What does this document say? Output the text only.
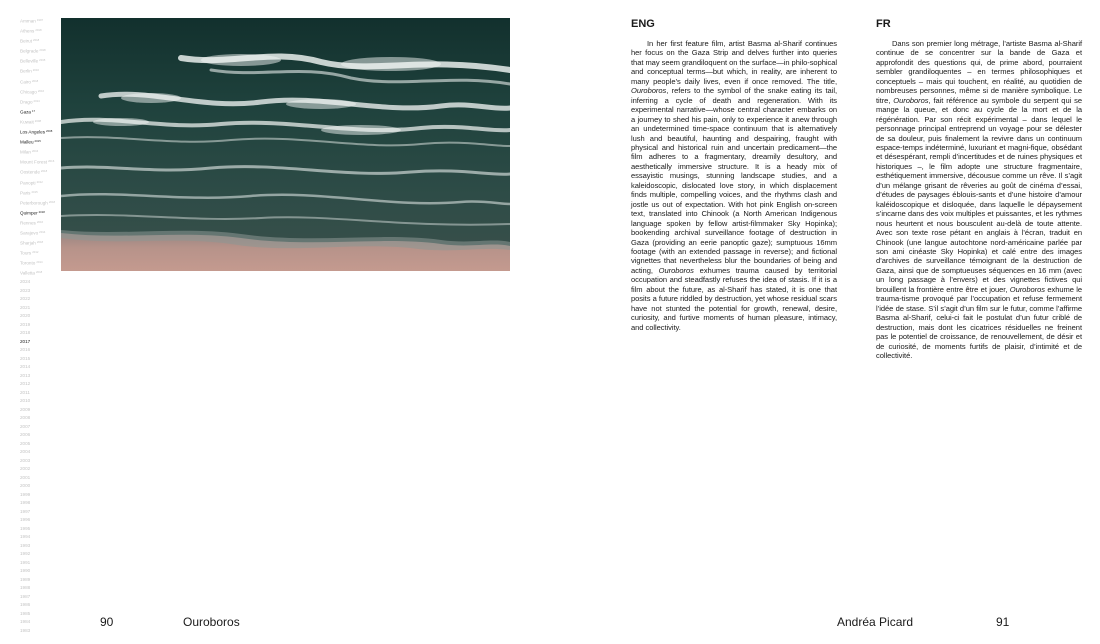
Amman$^{1997}$
Athens$^{2018}$
Beirut$^{2018}$
Belgrade$^{2018}$
Belleville$^{2015}$
Berlin$^{2016}$
Cairo$^{2018}$
Chicago$^{2016}$
Drago$^{2014}$
Gaza$^{17}$
Kuwait$^{2008}$
Los Angeles$^{2008}$
Malleu$^{2015}$
Milan$^{2016}$
Mount Forest$^{2016}$
Oostende$^{2018}$
Panopti$^{2012}$
Paris$^{2015}$
Peterborough$^{2018}$
Quimper$^{2018}$
Rennes$^{2016}$
Sarajevo$^{2014}$
Sharjah$^{2018}$
Tours$^{2012}$
Toronto$^{2014}$
Valletta$^{2018}$
2024
2023
2022
2021
2020
2019
2018
2017
2016
2015
2014
2013
2012
2011
2010
2009
2008
2007
2006
2005
2004
2003
2002
2001
2000
1999
1998
1997
1996
1995
1994
1993
1992
1991
1990
1989
1988
1987
1986
1985
1984
1983
ENG

In her first feature film, artist Basma al-Sharif continues her focus on the Gaza Strip and delves further into queries that may seem grandiloquent on the surface—in philo-sophical and conceptual terms—but which, in reality, are inherent to many people’s daily lives, even if once removed. The title, Ouroboros, refers to the symbol of the snake eating its tail, inferring a cycle of death and regeneration. With its experimental narrative—whose central character embarks on a journey to shed his pain, only to experience it anew through an undetermined time-space continuum that is alternatively lush and beautiful, haunting and despairing, fraught with physical and historical ruin and uncertain predicament—the film adheres to a fragmentary, dreamily desultory, and aesthetically immersive structure. It is a heady mix of essayistic musings, stunning landscape studies, and a kaleidoscopic, dislocated love story, in which displacement finds multiple, compelling voices, and the rhythms clash and jostle us out of expectation. With hot pink English on-screen text, translated into Chinook (a North American Indigenous language spoken by fellow artist-filmmaker Sky Hopinka); bookending archival surveillance footage of destruction in Gaza (providing an eerie panoptic gaze); sumptuous 16mm footage (with an extended passage in reverse); and fictional vignettes that nevertheless blur the boundaries of being and acting, Ouroboros exhumes trauma caused by territorial occupation and steadfastly refuses the idea of stasis. If it is a film about the future, as al-Sharif has stated, it is one that posits a future riddled by destruction, yet whose residual scars have not stunted the potential for growth, renewal, desire, curiosity, and furtive moments of human pleasure, intimacy, and collectivity.

FR

Dans son premier long métrage, l’artiste Basma al-Sharif continue de se concentrer sur la bande de Gaza et approfondit des questions qui, de prime abord, pourraient sembler grandiloquentes – en termes philosophiques et conceptuels – mais qui touchent, en réalité, au quotidien de nombreuses personnes, même si de manière symbolique. Le titre, Ouroboros, fait référence au symbole du serpent qui se mange la queue, et donc au cycle de la mort et de la régénération. Par son récit expérimental – dans lequel le personnage principal entreprend un voyage pour se délester de sa douleur, puis finalement la revivre dans un continuum espace-temps indéterminé, luxuriant et magni-fique, obsédant et désespérant, rempli d’incertitudes et de ruines physiques et historiques –, le film adopte une structure fragmentaire, esthétiquement immersive, décousue comme un rêve. Il s’agit d’un mélange grisant de rêveries au goût de cinéma d’essai, d’études de paysages éblouis-sants et d’une histoire d’amour kaléidoscopique et disloquée, dans laquelle le dépaysement s’incarne dans des voix multiples et puissantes, et les rythmes nous heurtent et nous bousculent au-delà de toute attente. Avec son texte rose pétant en anglais à l’écran, traduit en Chinook (une langue autochtone nord-américaine parlée par son ami cinéaste Sky Hopinka) et calé entre des images d’archives de surveillance témoignant de la destruction de Gaza, ainsi que de somptueuses séquences en 16 mm (avec un long passage à l’envers) et des vignettes fictives qui brouillent la frontière entre être et jouer, Ouroboros exhume le trauma-tisme provoqué par l’occupation et refuse fermement l’idée de stase. S’il s’agit d’un film sur le futur, comme l’affirme Basma al-Sharif, celui-ci fait le postulat d’un futur criblé de destruction, mais dont les cicatrices résiduelles ne freinent pas le potentiel de croissance, de renouvellement, de désir et de curiosité, de moments furtifs de plaisir, d’intimité et de collectivité.

90	Ouroboros	Andréa Picard	91
